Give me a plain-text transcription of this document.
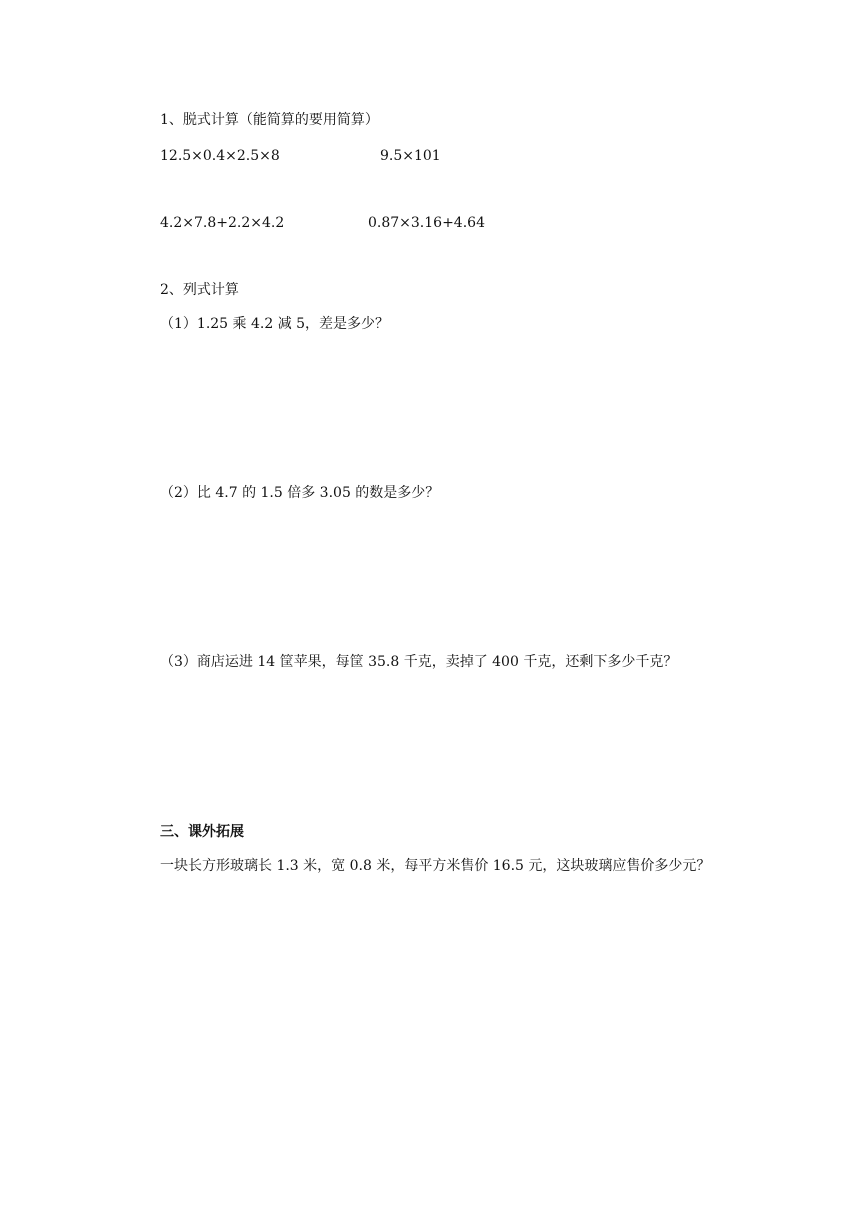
1、脱式计算（能简算的要用简算）
12.5×0.4×2.5×8	9.5×101
4.2×7.8+2.2×4.2	0.87×3.16+4.64
2、列式计算
（1）1.25 乘 4.2 减 5，差是多少？
（2）比 4.7 的 1.5 倍多 3.05 的数是多少？
（3）商店运进 14 筐苹果，每筐 35.8 千克，卖掉了 400 千克，还剩下多少千克？
三、课外拓展
一块长方形玻璃长 1.3 米，宽 0.8 米，每平方米售价 16.5 元，这块玻璃应售价多少元？
